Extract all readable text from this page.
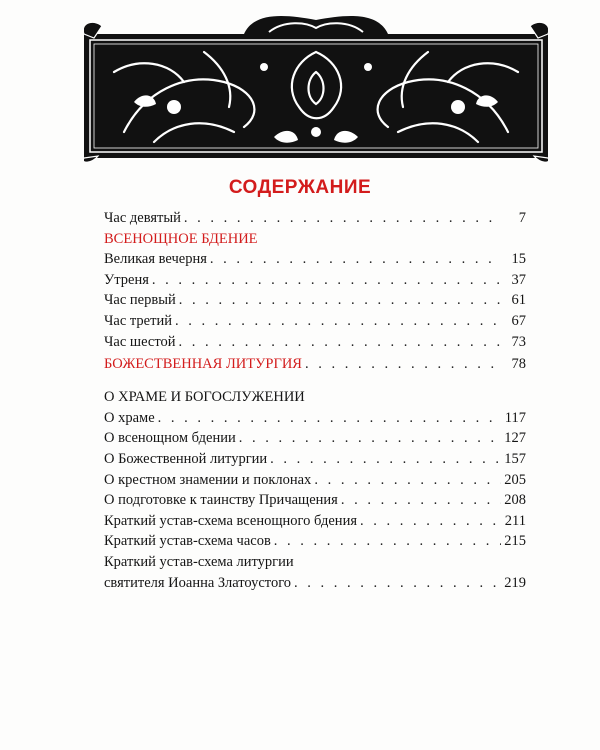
СОДЕРЖАНИЕ
Час девятый . . .	7
ВСЕНОЩНОЕ БДЕНИЕ
Великая вечерня . . .	15
Утреня . . .	37
Час первый . . .	61
Час третий . . .	67
Час шестой . . .	73
БОЖЕСТВЕННАЯ ЛИТУРГИЯ . . .	78
О ХРАМЕ И БОГОСЛУЖЕНИИ
О храме . . .	117
О всенощном бдении . . .	127
О Божественной литургии . . .	157
О крестном знамении и поклонах . . .	205
О подготовке к таинству Причащения . . .	208
Краткий устав-схема всенощного бдения . . .	211
Краткий устав-схема часов . . .	215
Краткий устав-схема литургии
святителя Иоанна Златоустого . . .	219
